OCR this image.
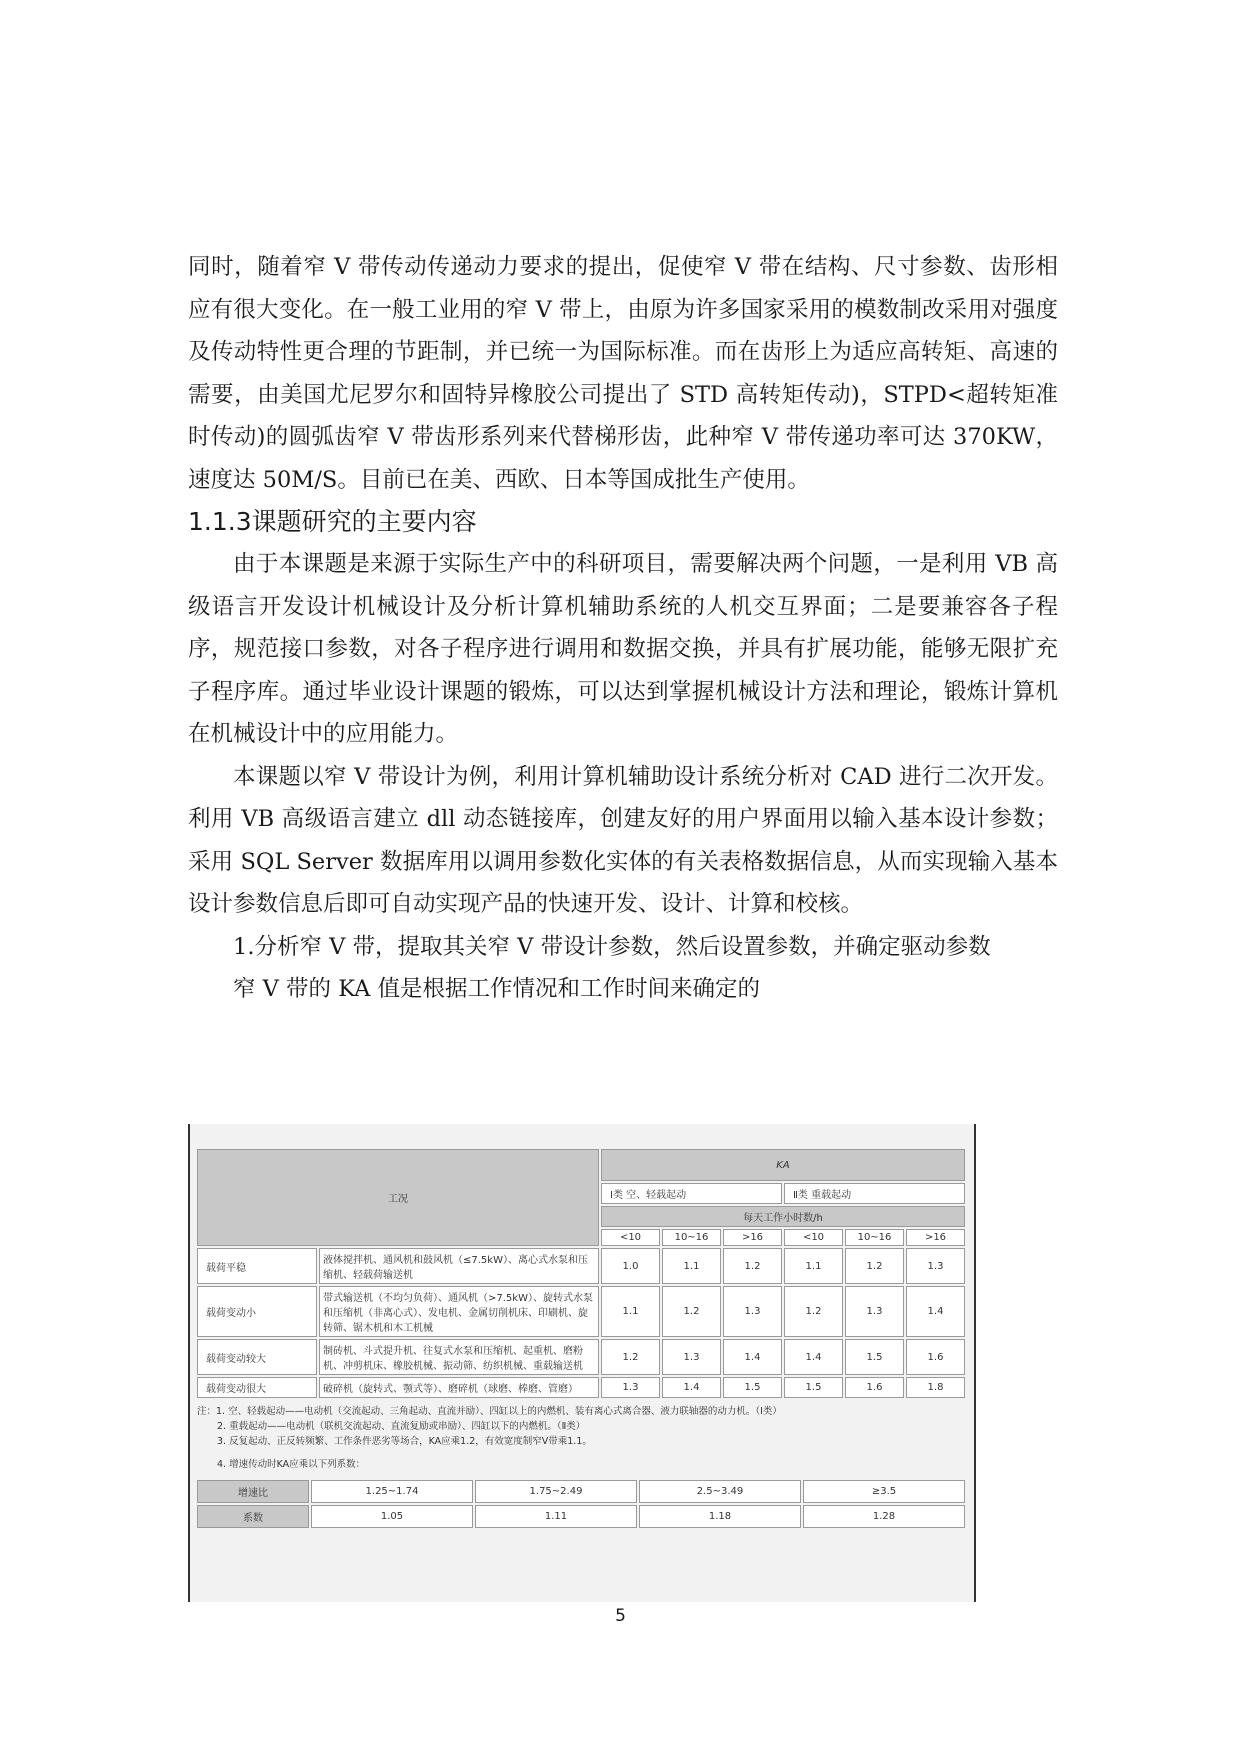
同时，随着窄 V 带传动传递动力要求的提出，促使窄 V 带在结构、尺寸参数、齿形相应有很大变化。在一般工业用的窄 V 带上，由原为许多国家采用的模数制改采用对强度及传动特性更合理的节距制，并已统一为国际标准。而在齿形上为适应高转矩、高速的需要，由美国尤尼罗尔和固特异橡胶公司提出了 STD 高转矩传动)，STPD<超转矩准时传动)的圆弧齿窄 V 带齿形系列来代替梯形齿，此种窄 V 带传递功率可达 370KW，速度达 50M/S。目前已在美、西欧、日本等国成批生产使用。

1.1.3课题研究的主要内容

由于本课题是来源于实际生产中的科研项目，需要解决两个问题，一是利用 VB 高级语言开发设计机械设计及分析计算机辅助系统的人机交互界面；二是要兼容各子程序，规范接口参数，对各子程序进行调用和数据交换，并具有扩展功能，能够无限扩充子程序库。通过毕业设计课题的锻炼，可以达到掌握机械设计方法和理论，锻炼计算机在机械设计中的应用能力。

本课题以窄 V 带设计为例，利用计算机辅助设计系统分析对 CAD 进行二次开发。利用 VB 高级语言建立 dll 动态链接库，创建友好的用户界面用以输入基本设计参数；采用 SQL Server 数据库用以调用参数化实体的有关表格数据信息，从而实现输入基本设计参数信息后即可自动实现产品的快速开发、设计、计算和校核。

1.分析窄 V 带，提取其关窄 V 带设计参数，然后设置参数，并确定驱动参数

窄 V 带的 KA 值是根据工作情况和工作时间来确定的

工况		KA					
		Ⅰ类 空、轻载起动			Ⅱ类 重载起动		
		每天工作小时数/h					
		<10	10~16	>16	<10	10~16	>16
载荷平稳	液体搅拌机、通风机和鼓风机（≤7.5kW）、离心式水泵和压缩机、轻载荷输送机	1.0	1.1	1.2	1.1	1.2	1.3
载荷变动小	带式输送机（不均匀负荷）、通风机（>7.5kW）、旋转式水泵和压缩机（非离心式）、发电机、金属切削机床、印刷机、旋转筛、锯木机和木工机械	1.1	1.2	1.3	1.2	1.3	1.4
载荷变动较大	制砖机、斗式提升机、往复式水泵和压缩机、起重机、磨粉机、冲剪机床、橡胶机械、振动筛、纺织机械、重载输送机	1.2	1.3	1.4	1.4	1.5	1.6
载荷变动很大	破碎机（旋转式、颚式等）、磨碎机（球磨、棒磨、管磨）	1.3	1.4	1.5	1.5	1.6	1.8
注：1. 空、轻载起动——电动机（交流起动、三角起动、直流并励）、四缸以上的内燃机、装有离心式离合器、液力联轴器的动力机。（Ⅰ类）
2. 重载起动——电动机（联机交流起动、直流复励或串励）、四缸以下的内燃机。（Ⅱ类）
3. 反复起动、正反转频繁、工作条件恶劣等场合，KA应乘1.2，有效宽度制窄V带乘1.1。
4. 增速传动时KA应乘以下列系数：
增速比	1.25~1.74	1.75~2.49	2.5~3.49	≥3.5
系数	1.05	1.11	1.18	1.28
5
